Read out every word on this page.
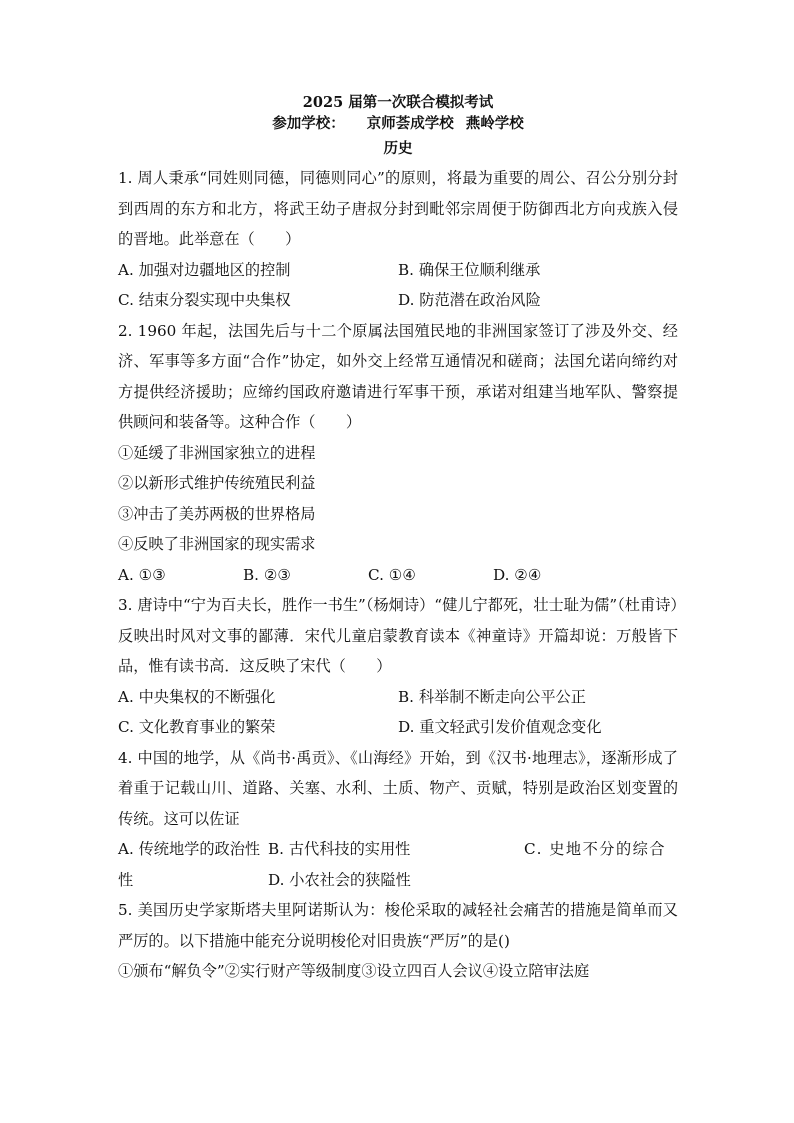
2025 届第一次联合模拟考试
参加学校： 京师荟成学校 燕岭学校
历史

1. 周人秉承“同姓则同德，同德则同心”的原则，将最为重要的周公、召公分别分封到西周的东方和北方，将武王幼子唐叔分封到毗邻宗周便于防御西北方向戎族入侵的晋地。此举意在（　　）

A. 加强对边疆地区的控制	B. 确保王位顺利继承
C. 结束分裂实现中央集权	D. 防范潜在政治风险

2. 1960 年起，法国先后与十二个原属法国殖民地的非洲国家签订了涉及外交、经济、军事等多方面“合作”协定，如外交上经常互通情况和磋商；法国允诺向缔约对方提供经济援助；应缔约国政府邀请进行军事干预，承诺对组建当地军队、警察提供顾问和装备等。这种合作（　　）

①延缓了非洲国家独立的进程

②以新形式维护传统殖民利益

③冲击了美苏两极的世界格局

④反映了非洲国家的现实需求

A. ①③	B. ②③	C. ①④	D. ②④

3. 唐诗中“宁为百夫长，胜作一书生”（杨炯诗）“健儿宁都死，壮士耻为儒”（杜甫诗）反映出时风对文事的鄙薄．宋代儿童启蒙教育读本《神童诗》开篇却说：万般皆下品，惟有读书高．这反映了宋代（　　）

A. 中央集权的不断强化	B. 科举制不断走向公平公正
C. 文化教育事业的繁荣	D. 重文轻武引发价值观念变化

4. 中国的地学，从《尚书·禹贡》、《山海经》开始，到《汉书·地理志》，逐渐形成了着重于记载山川、道路、关塞、水利、土质、物产、贡赋，特别是政治区划变置的传统。这可以佐证

A. 传统地学的政治性 B. 古代科技的实用性	C. 史地不分的综合
性	D. 小农社会的狭隘性

5. 美国历史学家斯塔夫里阿诺斯认为：梭伦采取的减轻社会痛苦的措施是简单而又严厉的。以下措施中能充分说明梭伦对旧贵族“严厉”的是()

①颁布“解负令”②实行财产等级制度③设立四百人会议④设立陪审法庭
